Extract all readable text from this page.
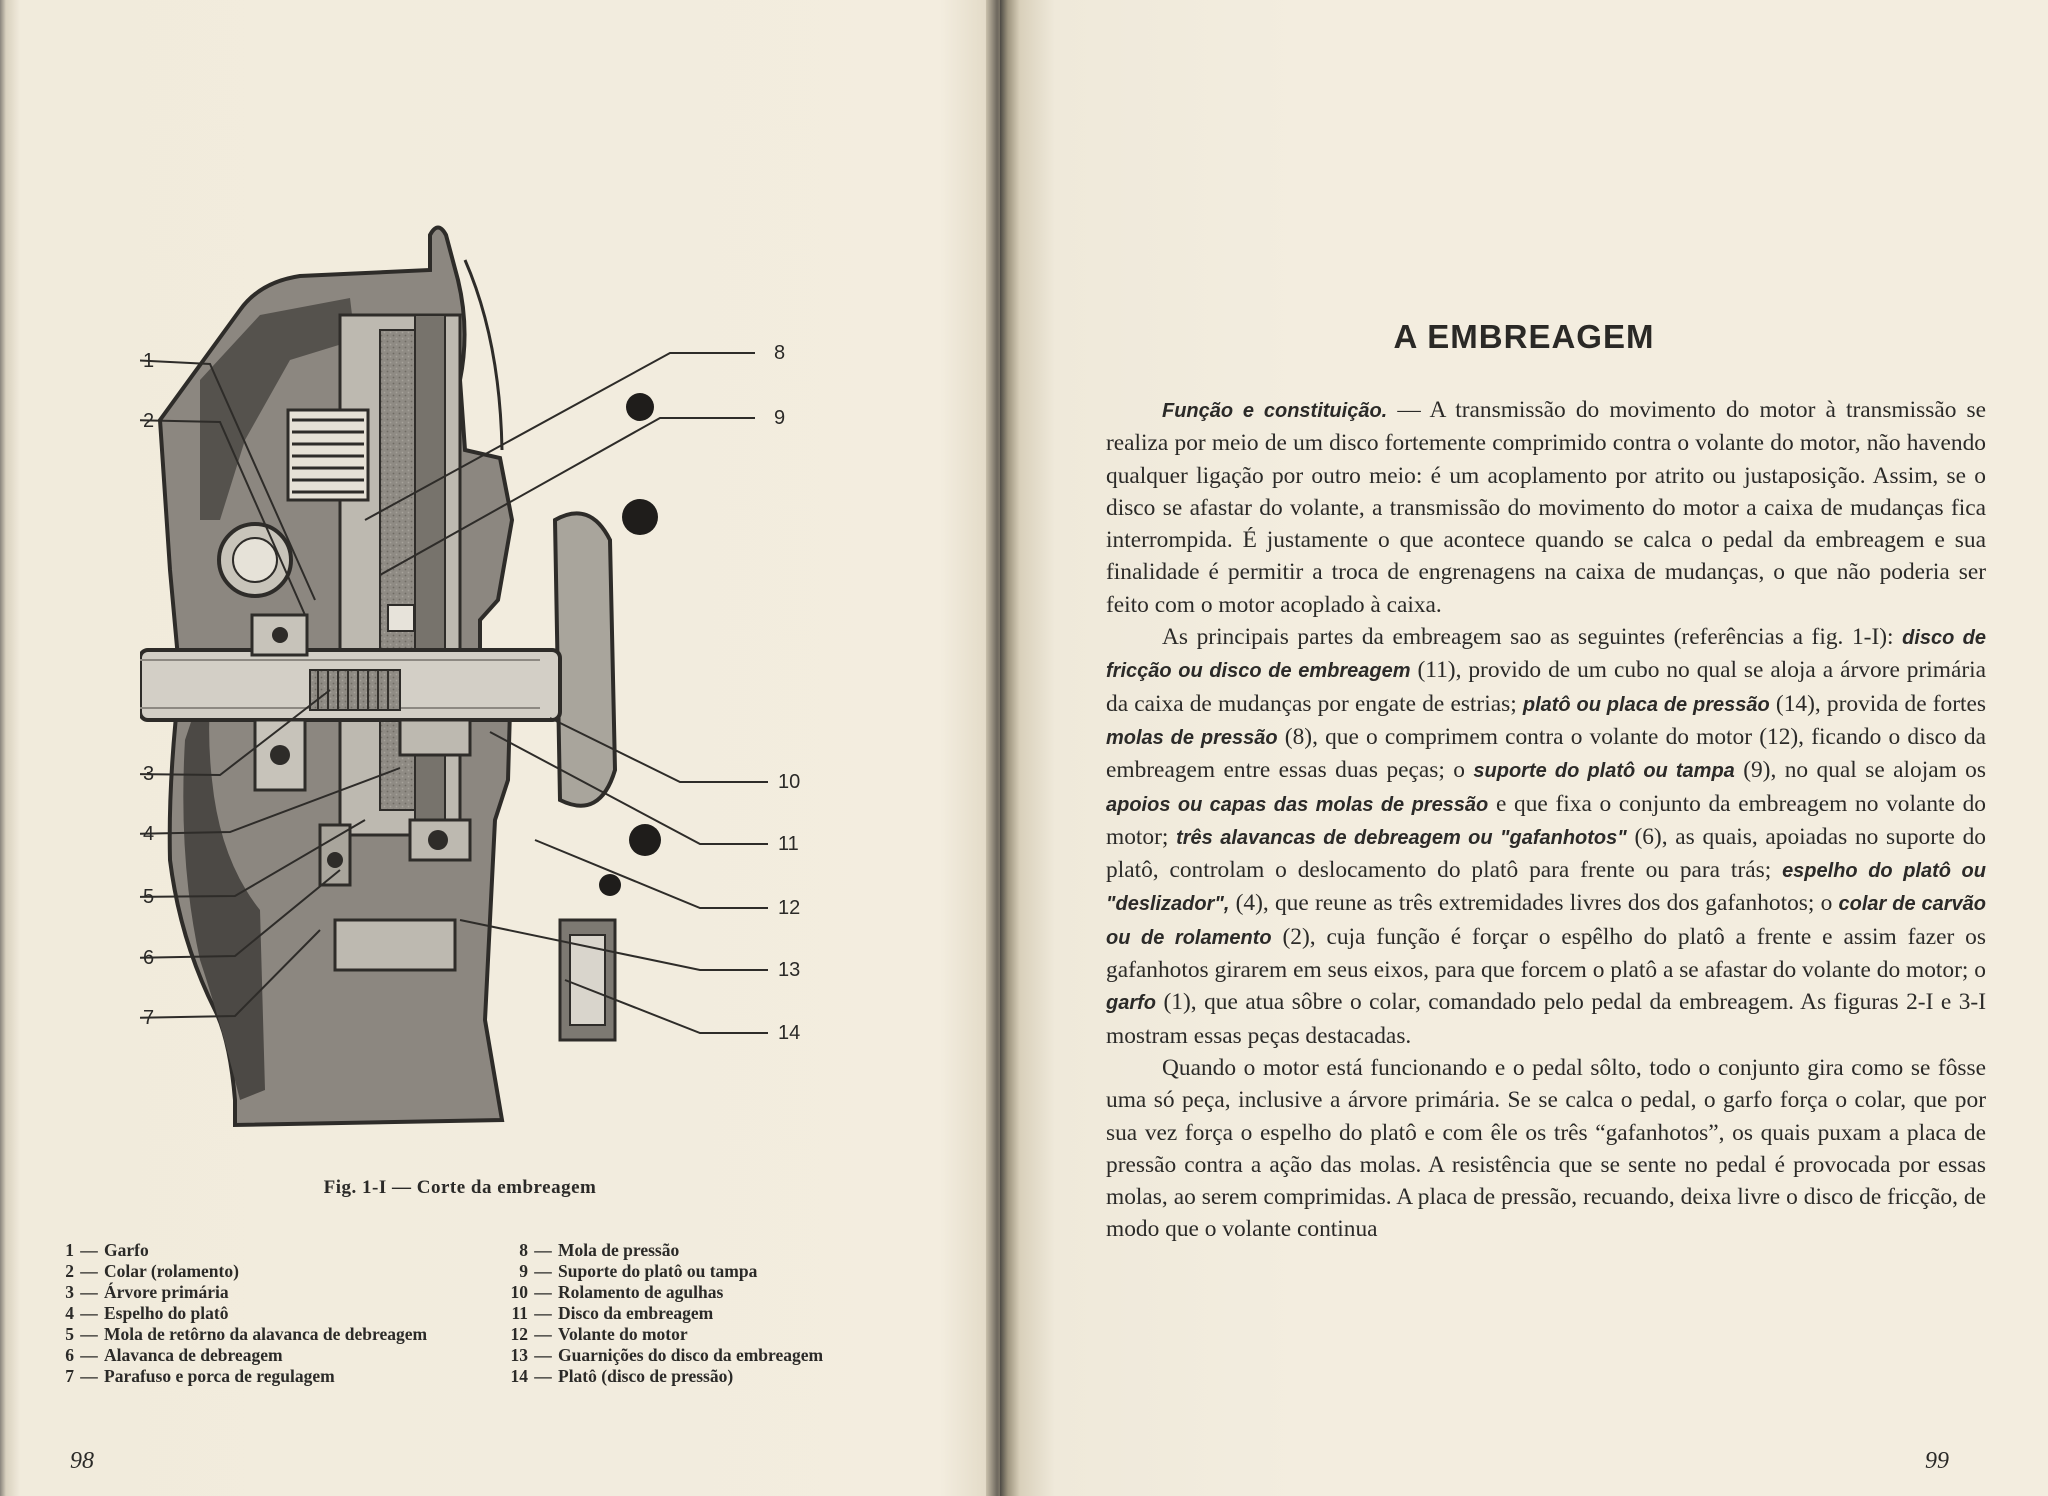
1
2
3
4
5
6
7
8
9
10
11
12
13
14
Fig. 1-I — Corte da embreagem
1 — Garfo
2 — Colar (rolamento)
3 — Árvore primária
4 — Espelho do platô
5 — Mola de retôrno da alavanca de debreagem
6 — Alavanca de debreagem
7 — Parafuso e porca de regulagem
8 — Mola de pressão
9 — Suporte do platô ou tampa
10 — Rolamento de agulhas
11 — Disco da embreagem
12 — Volante do motor
13 — Guarnições do disco da embreagem
14 — Platô (disco de pressão)
98
A EMBREAGEM

Função e constituição. — A transmissão do movimento do motor à transmissão se realiza por meio de um disco fortemente comprimido contra o volante do motor, não havendo qualquer ligação por outro meio: é um acoplamento por atrito ou justaposição. Assim, se o disco se afastar do volante, a transmissão do movimento do motor a caixa de mudanças fica interrompida. É justamente o que acontece quando se calca o pedal da embreagem e sua finalidade é permitir a troca de engrenagens na caixa de mudanças, o que não poderia ser feito com o motor acoplado à caixa.

As principais partes da embreagem sao as seguintes (referências a fig. 1-I): disco de fricção ou disco de embreagem (11), provido de um cubo no qual se aloja a árvore primária da caixa de mudanças por engate de estrias; platô ou placa de pressão (14), provida de fortes molas de pressão (8), que o comprimem contra o volante do motor (12), ficando o disco da embreagem entre essas duas peças; o suporte do platô ou tampa (9), no qual se alojam os apoios ou capas das molas de pressão e que fixa o conjunto da embreagem no volante do motor; três alavancas de debreagem ou "gafanhotos" (6), as quais, apoiadas no suporte do platô, controlam o deslocamento do platô para frente ou para trás; espelho do platô ou "deslizador", (4), que reune as três extremidades livres dos dos gafanhotos; o colar de carvão ou de rolamento (2), cuja função é forçar o espêlho do platô a frente e assim fazer os gafanhotos girarem em seus eixos, para que forcem o platô a se afastar do volante do motor; o garfo (1), que atua sôbre o colar, comandado pelo pedal da embreagem. As figuras 2-I e 3-I mostram essas peças destacadas.

Quando o motor está funcionando e o pedal sôlto, todo o conjunto gira como se fôsse uma só peça, inclusive a árvore primária. Se se calca o pedal, o garfo força o colar, que por sua vez força o espelho do platô e com êle os três “gafanhotos”, os quais puxam a placa de pressão contra a ação das molas. A resistência que se sente no pedal é provocada por essas molas, ao serem comprimidas. A placa de pressão, recuando, deixa livre o disco de fricção, de modo que o volante continua

99
